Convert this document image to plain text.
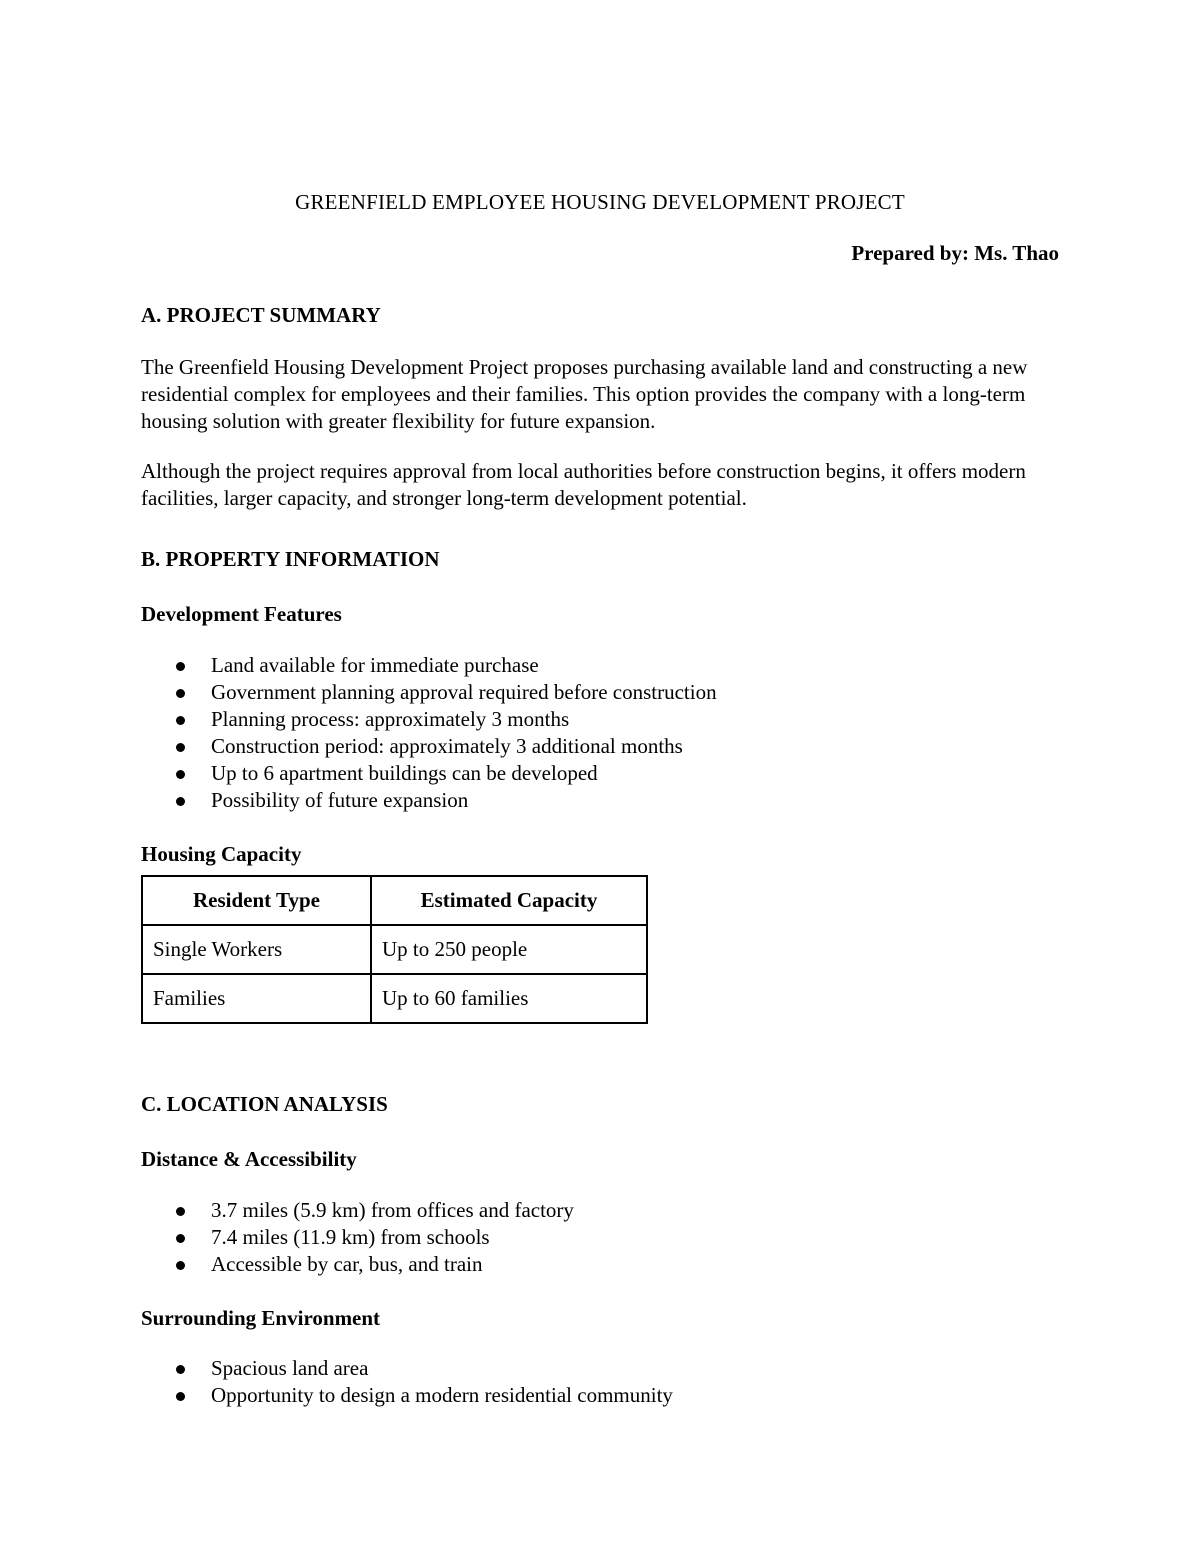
GREENFIELD EMPLOYEE HOUSING DEVELOPMENT PROJECT

Prepared by: Ms. Thao

A. PROJECT SUMMARY

The Greenfield Housing Development Project proposes purchasing available land and constructing a new residential complex for employees and their families. This option provides the company with a long-term housing solution with greater flexibility for future expansion.

Although the project requires approval from local authorities before construction begins, it offers modern facilities, larger capacity, and stronger long-term development potential.

B. PROPERTY INFORMATION
Development Features
Land available for immediate purchase
Government planning approval required before construction
Planning process: approximately 3 months
Construction period: approximately 3 additional months
Up to 6 apartment buildings can be developed
Possibility of future expansion
Housing Capacity
Resident Type	Estimated Capacity
Single Workers	Up to 250 people
Families	Up to 60 families
C. LOCATION ANALYSIS
Distance & Accessibility
3.7 miles (5.9 km) from offices and factory
7.4 miles (11.9 km) from schools
Accessible by car, bus, and train
Surrounding Environment
Spacious land area
Opportunity to design a modern residential community
